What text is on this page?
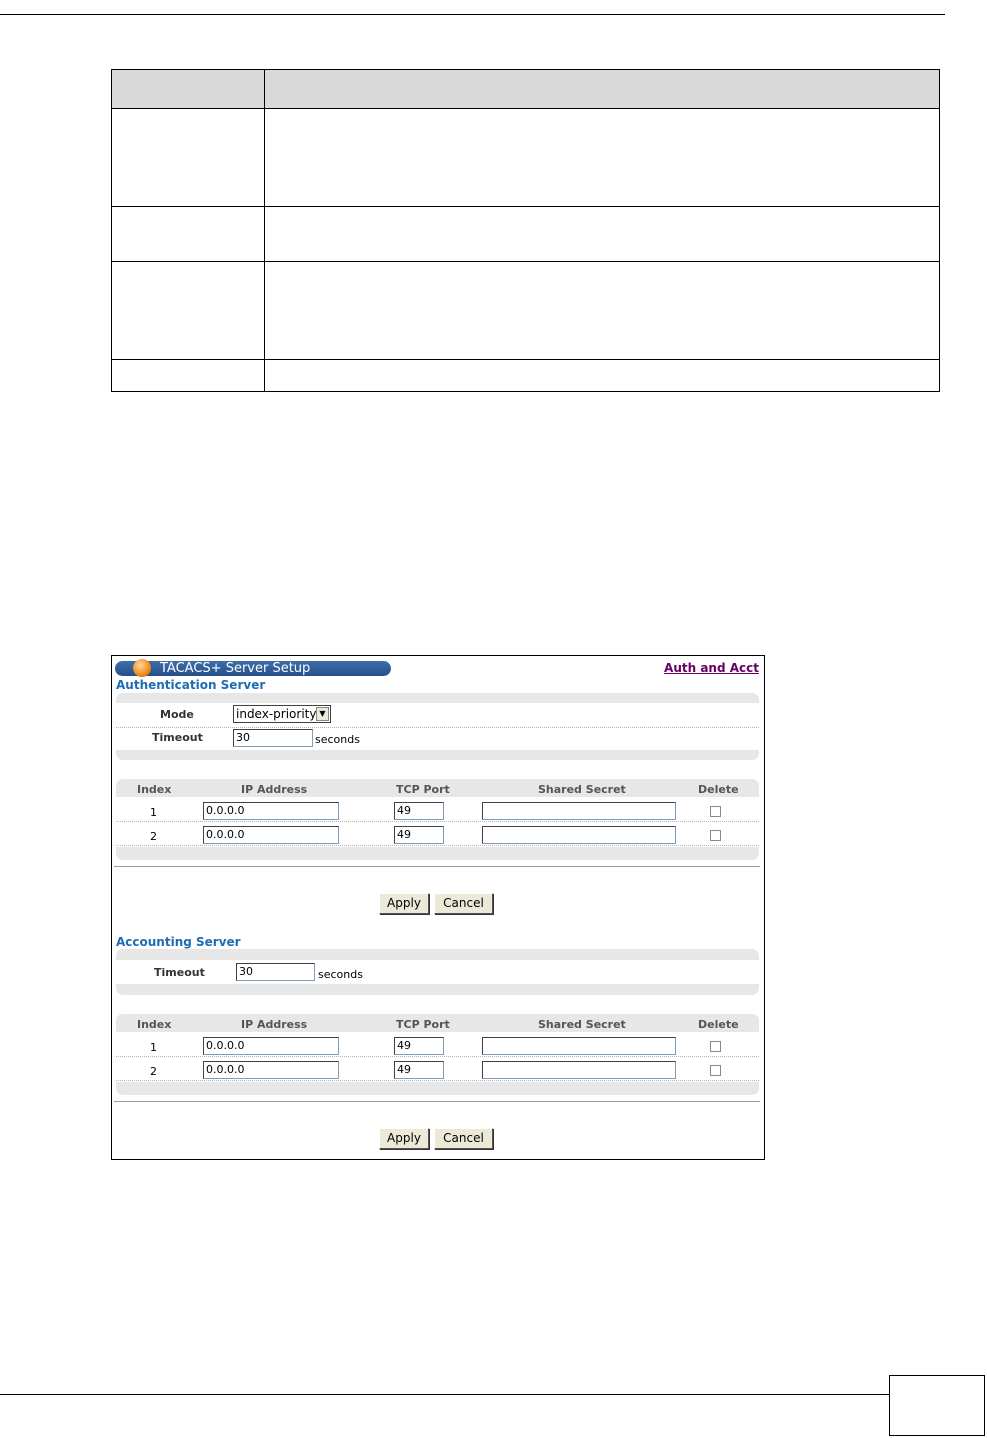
TACACS+ Server Setup	Auth and Acct
Authentication Server
Mode	index-priority ▼
Timeout	30	seconds
Index	IP Address	TCP Port	Shared Secret	Delete
1	0.0.0.0	49
2	0.0.0.0	49
Apply	Cancel
Accounting Server
Timeout	30	seconds
Index	IP Address	TCP Port	Shared Secret	Delete
1	0.0.0.0	49
2	0.0.0.0	49
Apply	Cancel
